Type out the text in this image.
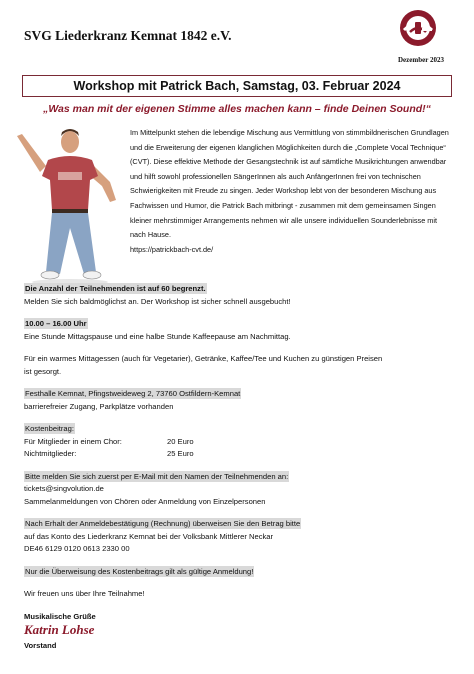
SVG Liederkranz Kemnat 1842 e.V.
Dezember 2023
Workshop mit Patrick Bach, Samstag, 03. Februar 2024
„Was man mit der eigenen Stimme alles machen kann – finde Deinen Sound!“

Im Mittelpunkt stehen die lebendige Mischung aus Vermittlung von stimmbildnerischen Grundlagen und die Erweiterung der eigenen klanglichen Möglichkeiten durch die „Complete Vocal Technique“ (CVT). Diese effektive Methode der Gesangstechnik ist auf sämtliche Musikrichtungen anwendbar und hilft sowohl professionellen SängerInnen als auch AnfängerInnen frei von technischen Schwierigkeiten mit Freude zu singen. Jeder Workshop lebt von der besonderen Mischung aus Fachwissen und Humor, die Patrick Bach mitbringt - zusammen mit dem gemeinsamen Singen kleiner mehrstimmiger Arrangements nehmen wir alle unsere individuellen Sounderlebnisse mit nach Hause.

https://patrickbach-cvt.de/

Die Anzahl der Teilnehmenden ist auf 60 begrenzt.
Melden Sie sich baldmöglichst an. Der Workshop ist sicher schnell ausgebucht!
10.00 – 16.00 Uhr
Eine Stunde Mittagspause und eine halbe Stunde Kaffeepause am Nachmittag.
Für ein warmes Mittagessen (auch für Vegetarier), Getränke, Kaffee/Tee und Kuchen zu günstigen Preisen
ist gesorgt.
Festhalle Kemnat, Pfingstweideweg 2, 73760 Ostfildern-Kemnat
barrierefreier Zugang, Parkplätze vorhanden
Kostenbeitrag:
Für Mitglieder in einem Chor:	20 Euro
Nichtmitglieder:	25 Euro
Bitte melden Sie sich zuerst per E-Mail mit den Namen der Teilnehmenden an:
tickets@singvolution.de
Sammelanmeldungen von Chören oder Anmeldung von Einzelpersonen
Nach Erhalt der Anmeldebestätigung (Rechnung) überweisen Sie den Betrag bitte
auf das Konto des Liederkranz Kemnat bei der Volksbank Mittlerer Neckar
DE46 6129 0120 0613 2330 00
Nur die Überweisung des Kostenbeitrags gilt als gültige Anmeldung!
Wir freuen uns über Ihre Teilnahme!
Musikalische Grüße
Katrin Lohse
Vorstand
